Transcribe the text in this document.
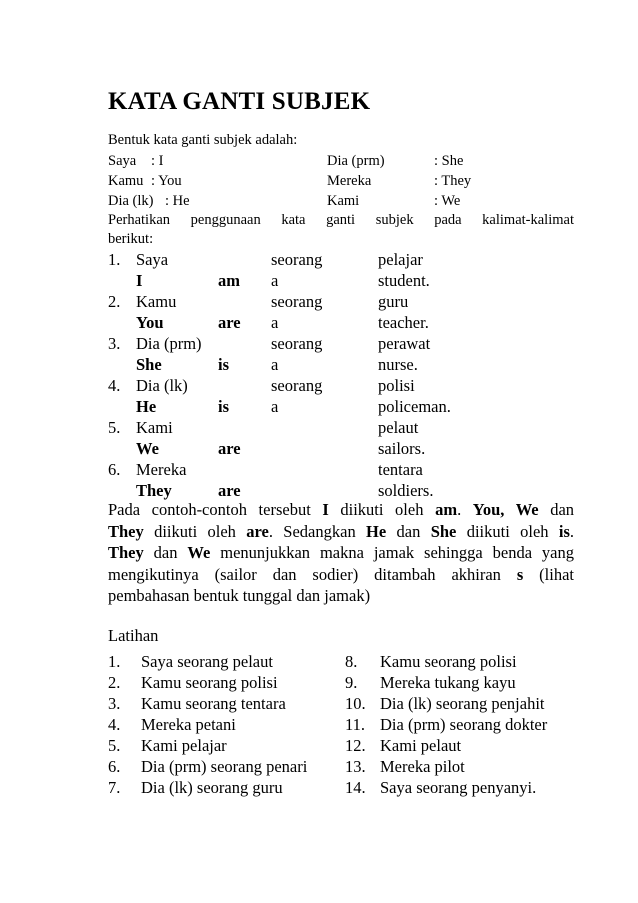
KATA GANTI SUBJEK
Bentuk kata ganti subjek adalah:
Saya : I	Dia (prm)	: She
Kamu : You	Mereka	: They
Dia (lk) : He	Kami	: We
Perhatikan penggunaan kata ganti subjek pada kalimat-kalimat
berikut:
1. Saya	seorang	pelajar
I	am a	student.
2. Kamu	seorang	guru
You	are a	teacher.
3. Dia (prm)	seorang	perawat
She	is	a	nurse.
4. Dia (lk)	seorang	polisi
He	is	a	policeman.
5. Kami	pelaut
We	are	sailors.
6. Mereka	tentara
They	are	soldiers.
Pada contoh-contoh tersebut I diikuti oleh am. You, We dan
They diikuti oleh are. Sedangkan He dan She diikuti oleh is.
They dan We menunjukkan makna jamak sehingga benda yang
mengikutinya (sailor dan sodier) ditambah akhiran s (lihat
pembahasan bentuk tunggal dan jamak)
Latihan
1. Saya seorang pelaut
2. Kamu seorang polisi
3. Kamu seorang tentara
4. Mereka petani
5. Kami pelajar
6. Dia (prm) seorang penari
7. Dia (lk) seorang guru
8. Kamu seorang polisi
9. Mereka tukang kayu
10. Dia (lk) seorang penjahit
11. Dia (prm) seorang dokter
12. Kami pelaut
13. Mereka pilot
14. Saya seorang penyanyi.
